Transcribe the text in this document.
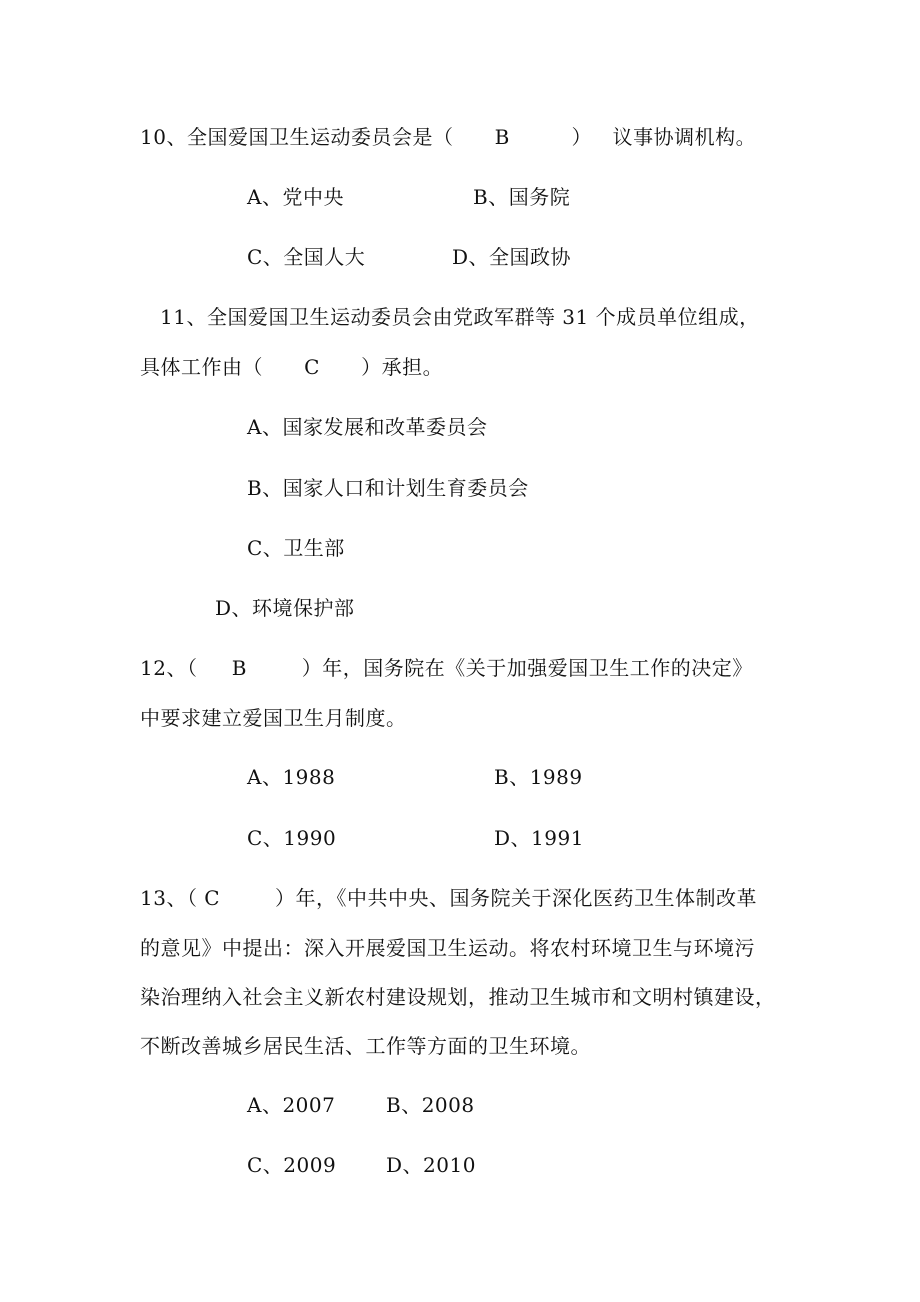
10、全国爱国卫生运动委员会是（      B         ）   议事协调机构。
A、党中央	B、国务院
C、全国人大	D、全国政协
11、全国爱国卫生运动委员会由党政军群等 31 个成员单位组成，
具体工作由（      C      ）承担。
A、国家发展和改革委员会
B、国家人口和计划生育委员会
C、卫生部
D、环境保护部
12、（     B        ）年，国务院在《关于加强爱国卫生工作的决定》
中要求建立爱国卫生月制度。
A、1988	B、1989
C、1990	D、1991
13、（ C        ）年，《中共中央、国务院关于深化医药卫生体制改革
的意见》中提出：深入开展爱国卫生运动。将农村环境卫生与环境污
染治理纳入社会主义新农村建设规划，推动卫生城市和文明村镇建设，
不断改善城乡居民生活、工作等方面的卫生环境。
A、2007	B、2008
C、2009 D、2010
